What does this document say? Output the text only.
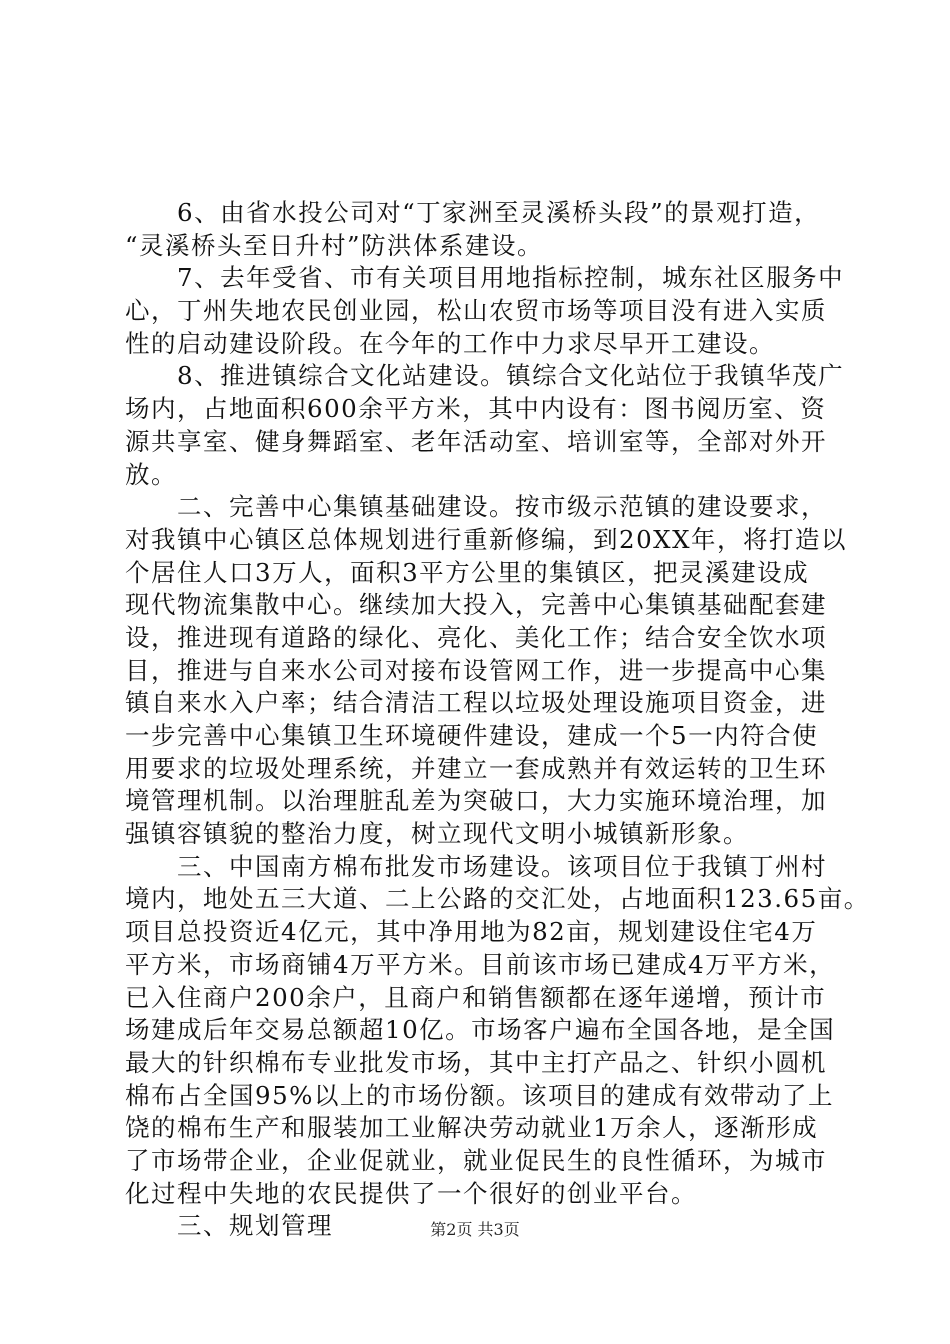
　　6、由省水投公司对“丁家洲至灵溪桥头段”的景观打造，
“灵溪桥头至日升村”防洪体系建设。
　　7、去年受省、市有关项目用地指标控制，城东社区服务中
心，丁州失地农民创业园，松山农贸市场等项目没有进入实质
性的启动建设阶段。在今年的工作中力求尽早开工建设。
　　8、推进镇综合文化站建设。镇综合文化站位于我镇华茂广
场内，占地面积600余平方米，其中内设有：图书阅历室、资
源共享室、健身舞蹈室、老年活动室、培训室等，全部对外开
放。
　　二、完善中心集镇基础建设。按市级示范镇的建设要求，
对我镇中心镇区总体规划进行重新修编，到20XX年，将打造以
个居住人口3万人，面积3平方公里的集镇区，把灵溪建设成
现代物流集散中心。继续加大投入，完善中心集镇基础配套建
设，推进现有道路的绿化、亮化、美化工作；结合安全饮水项
目，推进与自来水公司对接布设管网工作，进一步提高中心集
镇自来水入户率；结合清洁工程以垃圾处理设施项目资金，进
一步完善中心集镇卫生环境硬件建设，建成一个5一内符合使
用要求的垃圾处理系统，并建立一套成熟并有效运转的卫生环
境管理机制。以治理脏乱差为突破口，大力实施环境治理，加
强镇容镇貌的整治力度，树立现代文明小城镇新形象。
　　三、中国南方棉布批发市场建设。该项目位于我镇丁州村
境内，地处五三大道、二上公路的交汇处，占地面积123.65亩。
项目总投资近4亿元，其中净用地为82亩，规划建设住宅4万
平方米，市场商铺4万平方米。目前该市场已建成4万平方米，
已入住商户200余户，且商户和销售额都在逐年递增，预计市
场建成后年交易总额超10亿。市场客户遍布全国各地，是全国
最大的针织棉布专业批发市场，其中主打产品之、针织小圆机
棉布占全国95%以上的市场份额。该项目的建成有效带动了上
饶的棉布生产和服装加工业解决劳动就业1万余人，逐渐形成
了市场带企业，企业促就业，就业促民生的良性循环，为城市
化过程中失地的农民提供了一个很好的创业平台。
　　三、规划管理	第2页 共3页
